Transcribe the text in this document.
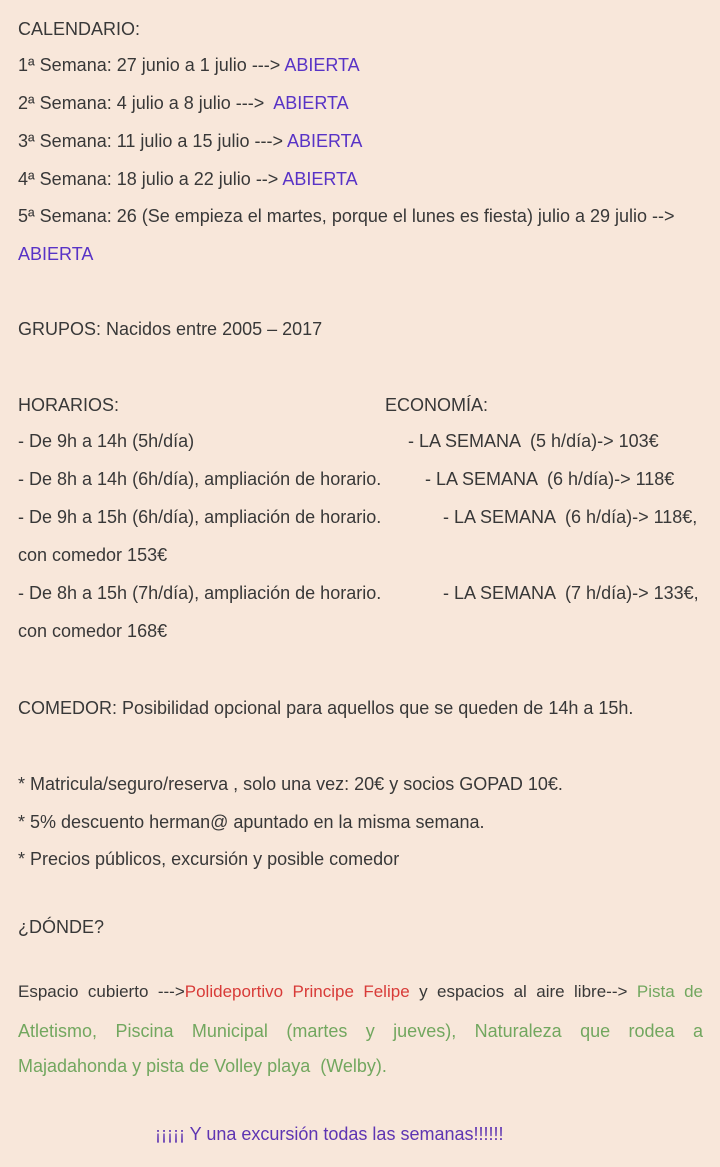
CALENDARIO:
1ª Semana: 27 junio a 1 julio ---> ABIERTA
2ª Semana: 4 julio a 8 julio --->  ABIERTA
3ª Semana: 11 julio a 15 julio ---> ABIERTA
4ª Semana: 18 julio a 22 julio --> ABIERTA
5ª Semana: 26 (Se empieza el martes, porque el lunes es fiesta) julio a 29 julio -->
ABIERTA
GRUPOS: Nacidos entre 2005 – 2017
HORARIOS:	ECONOMÍA:
- De 9h a 14h (5h/día)	- LA SEMANA  (5 h/día)-> 103€
- De 8h a 14h (6h/día), ampliación de horario. - LA SEMANA  (6 h/día)-> 118€
- De 9h a 15h (6h/día), ampliación de horario.	- LA SEMANA  (6 h/día)-> 118€,
con comedor 153€
- De 8h a 15h (7h/día), ampliación de horario.	- LA SEMANA  (7 h/día)-> 133€,
con comedor 168€
COMEDOR: Posibilidad opcional para aquellos que se queden de 14h a 15h.
* Matricula/seguro/reserva , solo una vez: 20€ y socios GOPAD 10€.
* 5% descuento herman@ apuntado en la misma semana.
* Precios públicos, excursión y posible comedor
¿DÓNDE?
Espacio cubierto --->Polideportivo Principe Felipe y espacios al aire libre--> Pista de
Atletismo, Piscina Municipal (martes y jueves), Naturaleza que rodea a
Majadahonda y pista de Volley playa  (Welby).
¡¡¡¡¡ Y una excursión todas las semanas!!!!!!
